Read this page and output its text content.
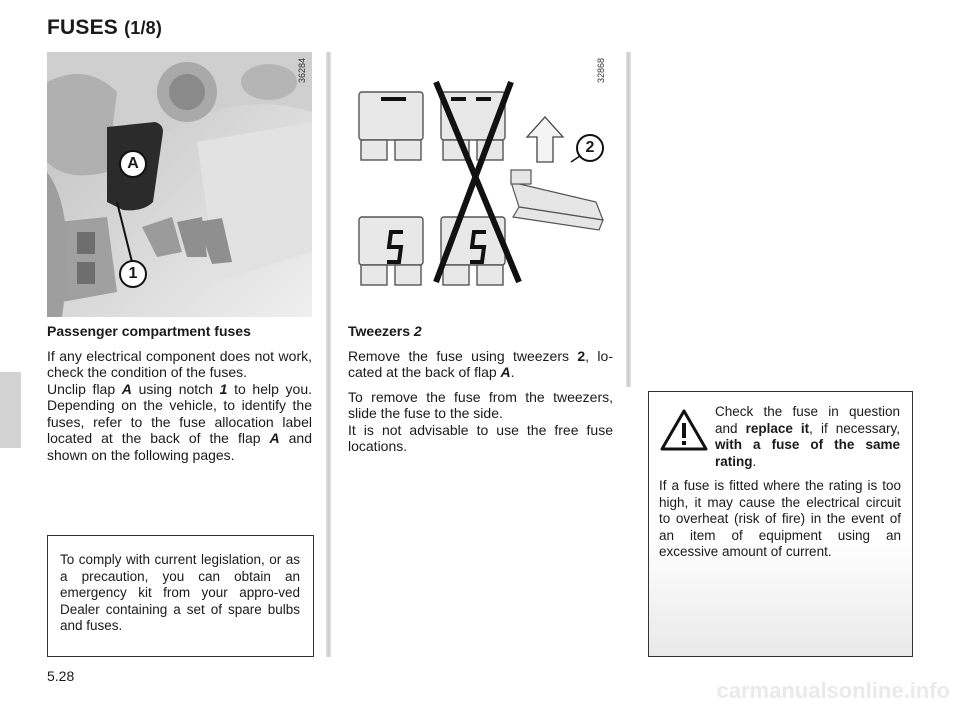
FUSES (1/8)
A
1
36284
2
32868

Passenger compartment fuses

If any electrical component does not work, check the condition of the fuses.
Unclip flap A using notch 1 to help you. Depending on the vehicle, to identify the fuses, refer to the fuse allocation label located at the back of the flap A and shown on the following pages.

To comply with current legislation, or as a precaution, you can obtain an emergency kit from your appro-ved Dealer containing a set of spare bulbs and fuses.

Tweezers 2

Remove the fuse using tweezers 2, lo-cated at the back of flap A.

To remove the fuse from the tweezers, slide the fuse to the side.
It is not advisable to use the free fuse locations.

Check the fuse in question and replace it, if necessary, with a fuse of the same rating.
If a fuse is fitted where the rating is too high, it may cause the electrical circuit to overheat (risk of fire) in the event of an item of equipment using an excessive amount of current.
5.28
carmanualsonline.info
